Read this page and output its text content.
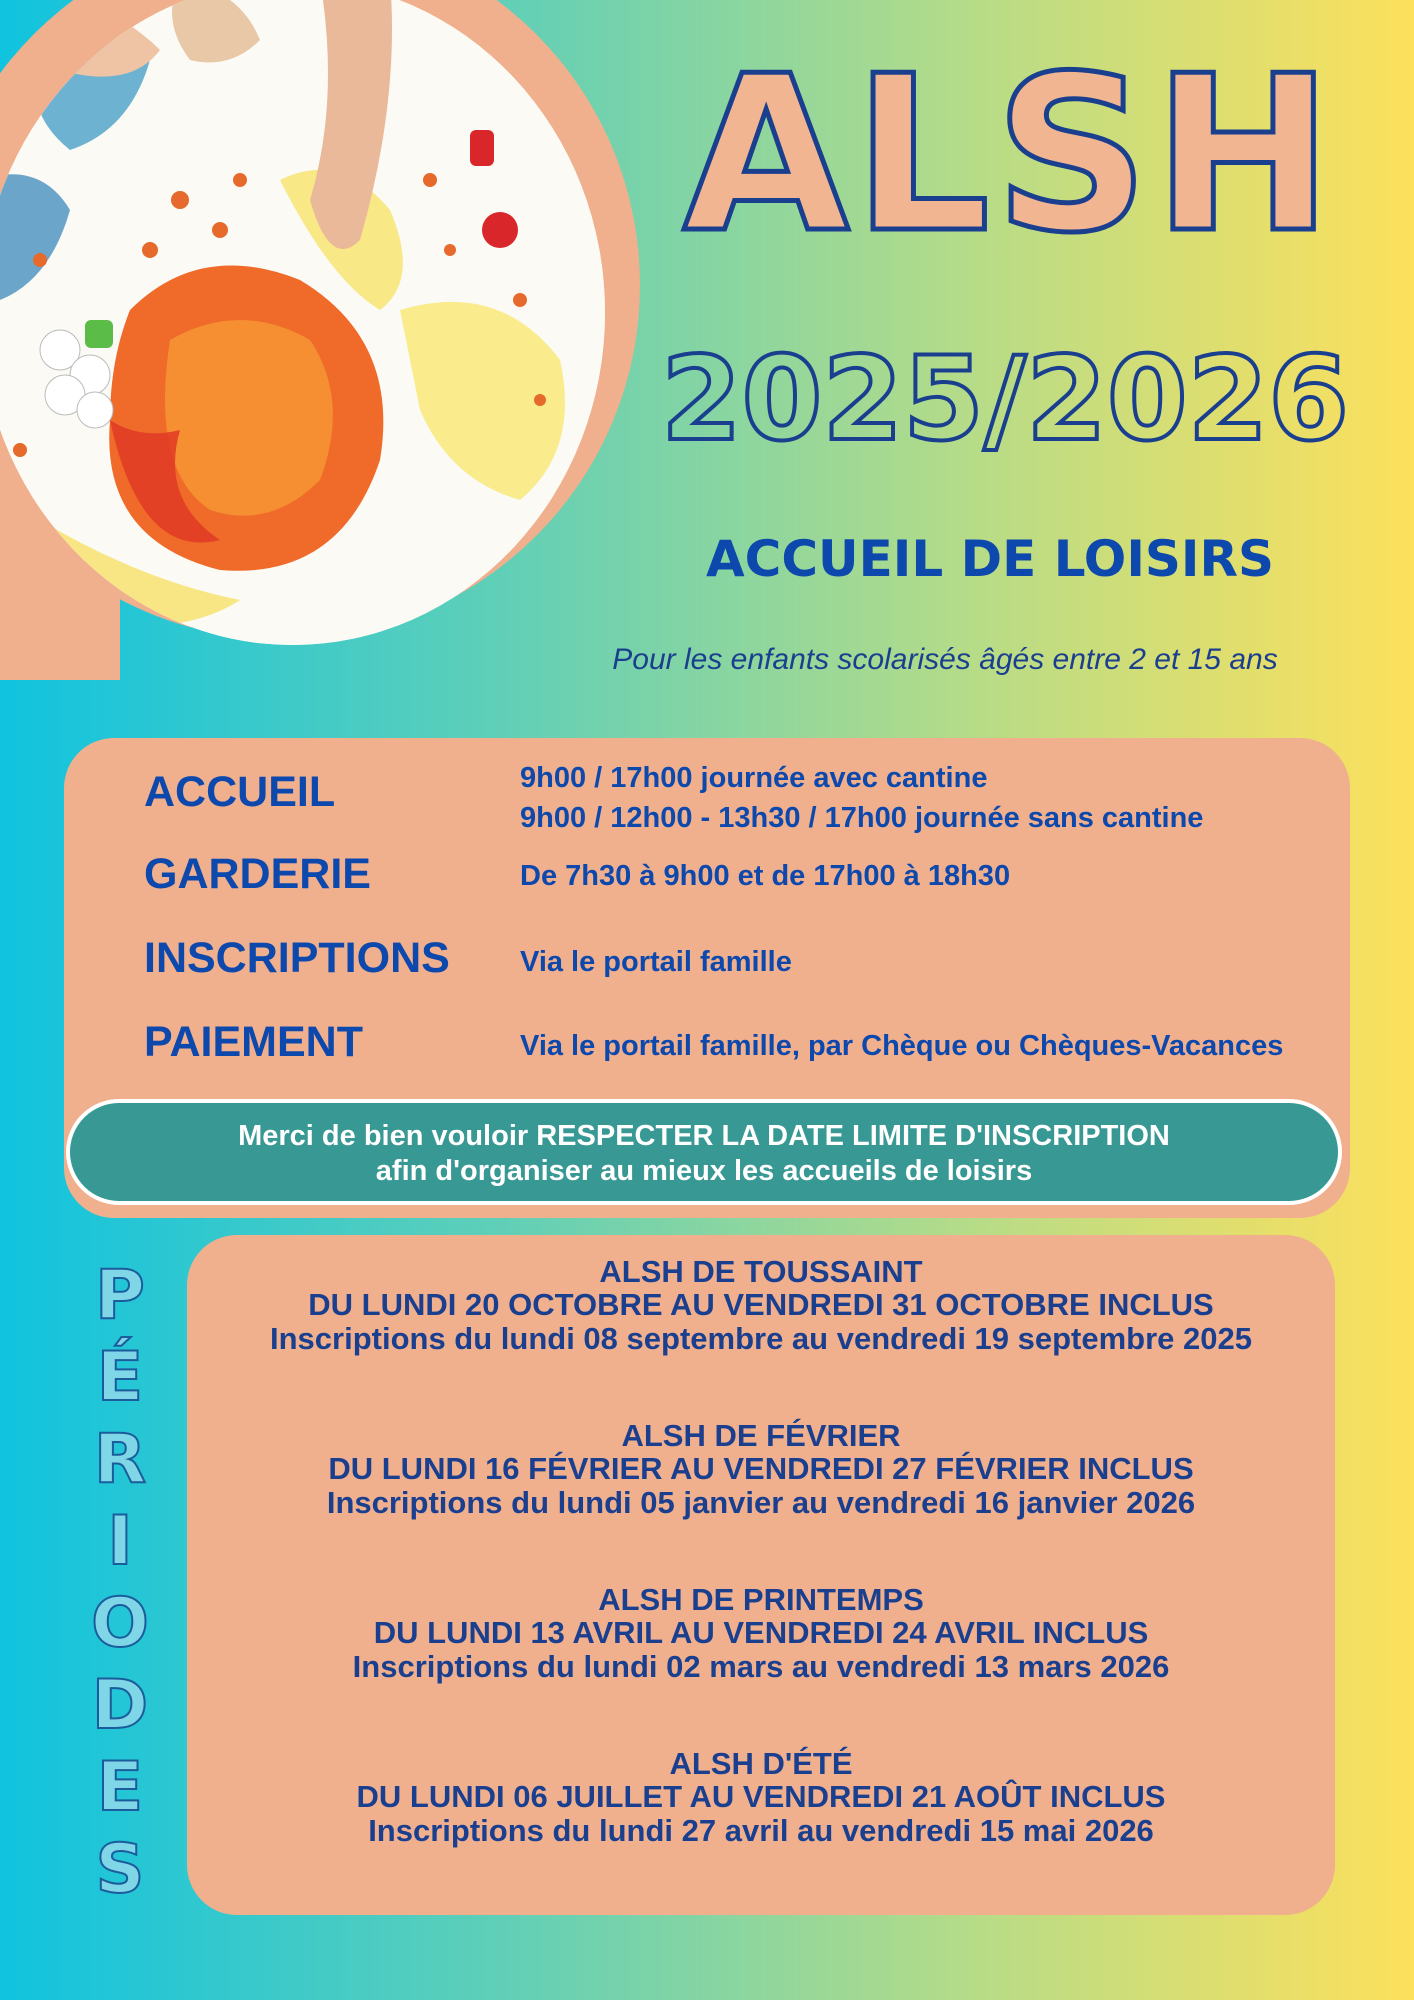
ALSH
2025/2026
ACCUEIL DE LOISIRS
Pour les enfants scolarisés âgés entre 2 et 15 ans
ACCUEIL	9h00 / 17h00 journée avec cantine
9h00 / 12h00 - 13h30 / 17h00 journée sans cantine
GARDERIE	De 7h30 à 9h00 et de 17h00 à 18h30
INSCRIPTIONS Via le portail famille
PAIEMENT	Via le portail famille, par Chèque ou Chèques-Vacances
Merci de bien vouloir RESPECTER LA DATE LIMITE D'INSCRIPTION
afin d'organiser au mieux les accueils de loisirs
P
É
R
I
O
D
E
S
ALSH DE TOUSSAINT
DU LUNDI 20 OCTOBRE AU VENDREDI 31 OCTOBRE INCLUS
Inscriptions du lundi 08 septembre au vendredi 19 septembre 2025
ALSH DE FÉVRIER
DU LUNDI 16 FÉVRIER AU VENDREDI 27 FÉVRIER INCLUS
Inscriptions du lundi 05 janvier au vendredi 16 janvier 2026
ALSH DE PRINTEMPS
DU LUNDI 13 AVRIL AU VENDREDI 24 AVRIL INCLUS
Inscriptions du lundi 02 mars au vendredi 13 mars 2026
ALSH D'ÉTÉ
DU LUNDI 06 JUILLET AU VENDREDI 21 AOÛT INCLUS
Inscriptions du lundi 27 avril au vendredi 15 mai 2026
